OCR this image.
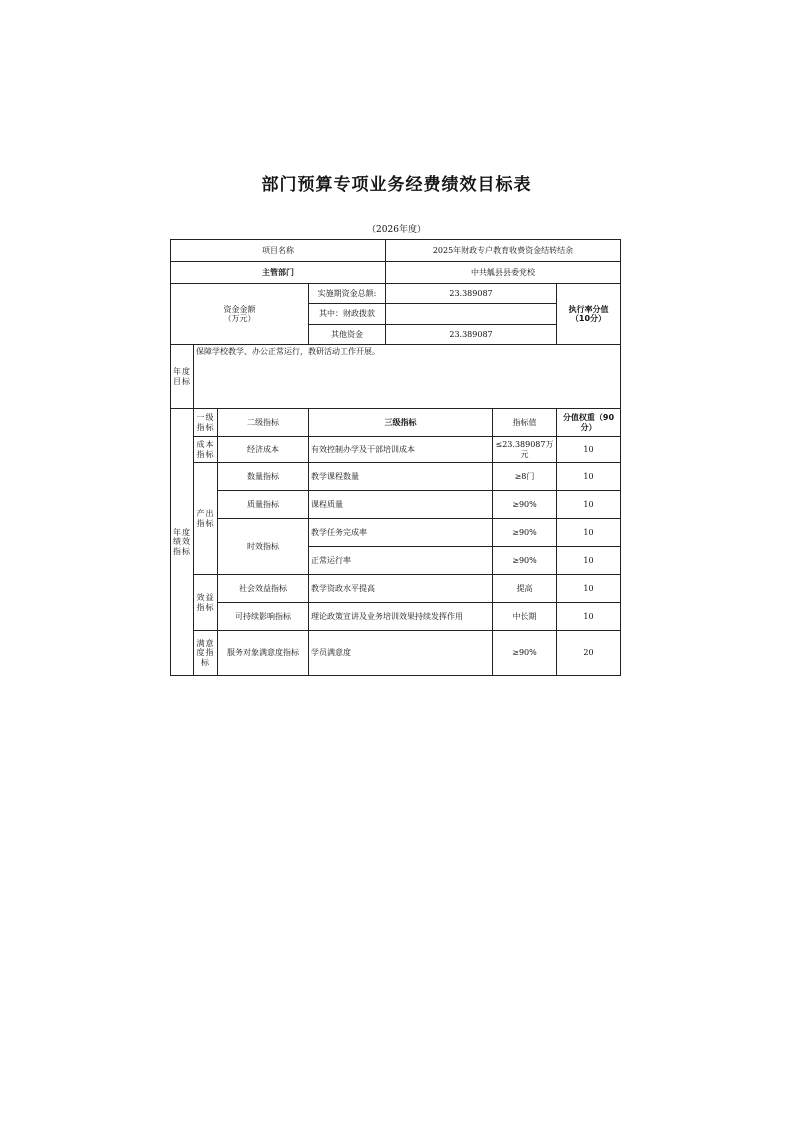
部门预算专项业务经费绩效目标表
（2026年度）
项目名称				2025年财政专户教育收费资金结转结余		
主管部门				中共觚县县委党校		
资金金额
（万元）			实施期资金总额:	23.389087		执行率分值（10分）
			其中：财政拨款			
			其他资金	23.389087		
年度目标	保障学校教学、办公正常运行，教研活动工作开展。					
年度绩效指标	一级指标	二级指标	三级指标		指标值	分值权重（90分）
	成本指标	经济成本	有效控制办学及干部培训成本		≤23.389087万元	10
	产出指标	数量指标	教学课程数量		≥8门	10
		质量指标	课程质量		≥90%	10
		时效指标	教学任务完成率		≥90%	10
			正常运行率		≥90%	10
	效益指标	社会效益指标	教学资政水平提高		提高	10
		可持续影响指标	理论政策宣讲及业务培训效果持续发挥作用		中长期	10
	满意度指标	服务对象满意度指标	学员满意度		≥90%	20
